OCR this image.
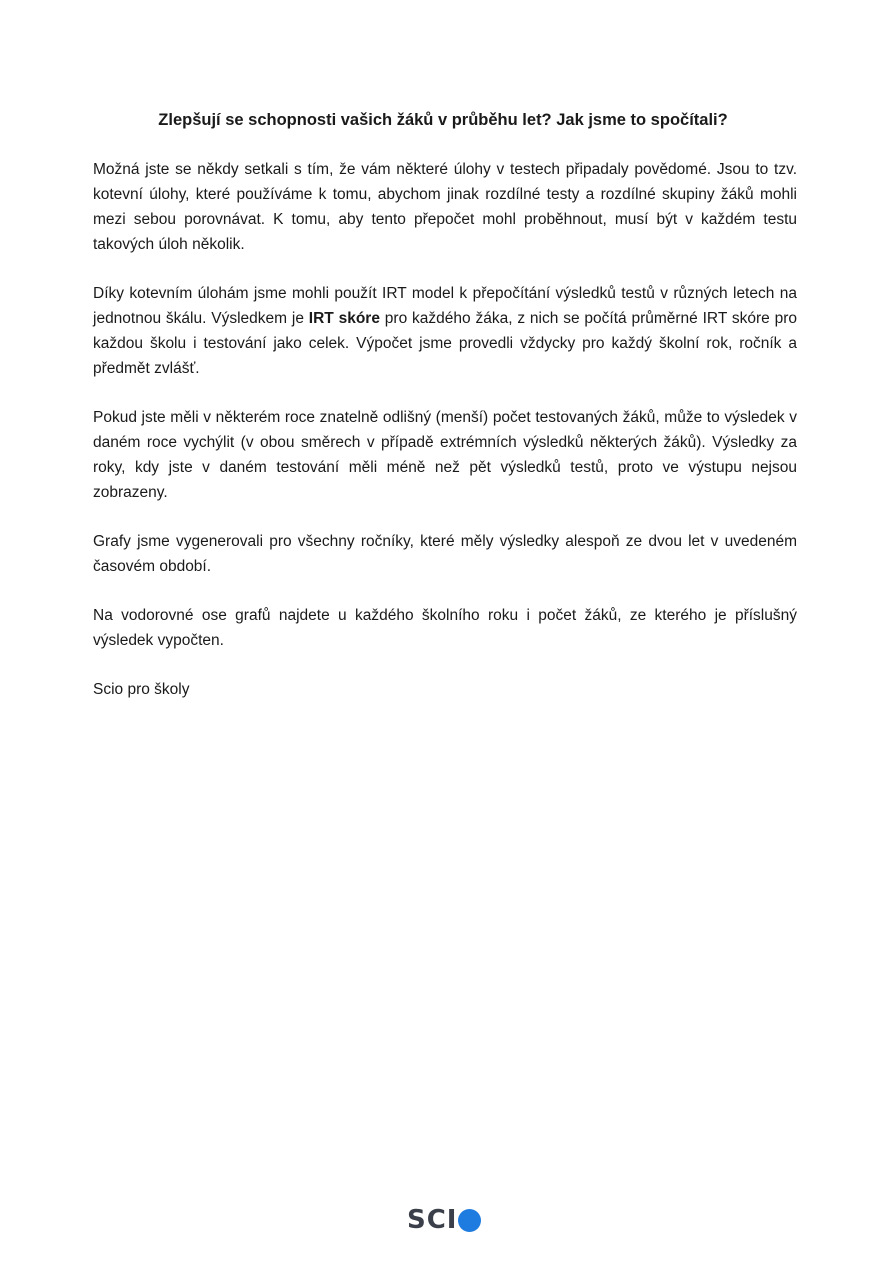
Zlepšují se schopnosti vašich žáků v průběhu let? Jak jsme to spočítali?

Možná jste se někdy setkali s tím, že vám některé úlohy v testech připadaly povědomé. Jsou to tzv. kotevní úlohy, které používáme k tomu, abychom jinak rozdílné testy a rozdílné skupiny žáků mohli mezi sebou porovnávat. K tomu, aby tento přepočet mohl proběhnout, musí být v každém testu takových úloh několik.

Díky kotevním úlohám jsme mohli použít IRT model k přepočítání výsledků testů v různých letech na jednotnou škálu. Výsledkem je IRT skóre pro každého žáka, z nich se počítá průměrné IRT skóre pro každou školu i testování jako celek. Výpočet jsme provedli vždycky pro každý školní rok, ročník a předmět zvlášť.

Pokud jste měli v některém roce znatelně odlišný (menší) počet testovaných žáků, může to výsledek v daném roce vychýlit (v obou směrech v případě extrémních výsledků některých žáků). Výsledky za roky, kdy jste v daném testování měli méně než pět výsledků testů, proto ve výstupu nejsou zobrazeny.

Grafy jsme vygenerovali pro všechny ročníky, které měly výsledky alespoň ze dvou let v uvedeném časovém období.

Na vodorovné ose grafů najdete u každého školního roku i počet žáků, ze kterého je příslušný výsledek vypočten.

Scio pro školy

SCI
